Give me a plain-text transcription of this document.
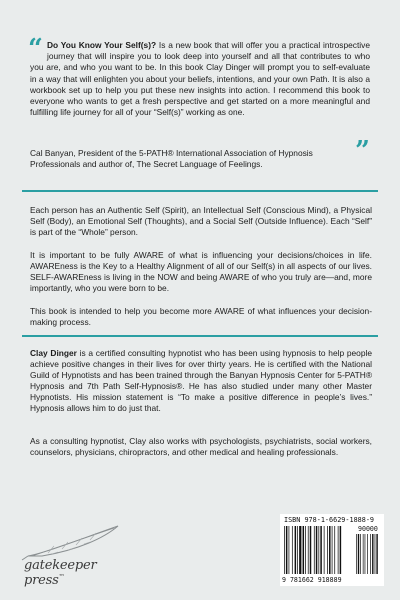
“ Do You Know Your Self(s)? Is a new book that will offer you a practical introspective journey that will inspire you to look deep into yourself and all that contributes to who you are, and who you want to be. In this book Clay Dinger will prompt you to self-evaluate in a way that will enlighten you about your beliefs, intentions, and your own Path. It is also a workbook set up to help you put these new insights into action. I recommend this book to everyone who wants to get a fresh perspective and get started on a more meaningful and fulfilling life journey for all of your “Self(s)” working as one.
”
Cal Banyan, President of the 5-PATH® International Association of Hypnosis Professionals and author of, The Secret Language of Feelings.

Each person has an Authentic Self (Spirit), an Intellectual Self (Conscious Mind), a Physical Self (Body), an Emotional Self (Thoughts), and a Social Self (Outside Influence). Each “Self” is part of the “Whole” person.

It is important to be fully AWARE of what is influencing your decisions/choices in life. AWAREness is the Key to a Healthy Alignment of all of our Self(s) in all aspects of our lives. SELF-AWAREness is living in the NOW and being AWARE of who you truly are—and, more importantly, who you were born to be.

This book is intended to help you become more AWARE of what influences your decision-making process.

Clay Dinger is a certified consulting hypnotist who has been using hypnosis to help people achieve positive changes in their lives for over thirty years. He is certified with the National Guild of Hypnotists and has been trained through the Banyan Hypnosis Center for 5-PATH® Hypnosis and 7th Path Self-Hypnosis®. He has also studied under many other Master Hypnotists. His mission statement is “To make a positive difference in people’s lives.” Hypnosis allows him to do just that.

As a consulting hypnotist, Clay also works with psychologists, psychiatrists, social workers, counselors, physicians, chiropractors, and other medical and healing professionals.

gatekeeper press™
ISBN 978-1-6629-1888-9
90000
9 781662 918889
